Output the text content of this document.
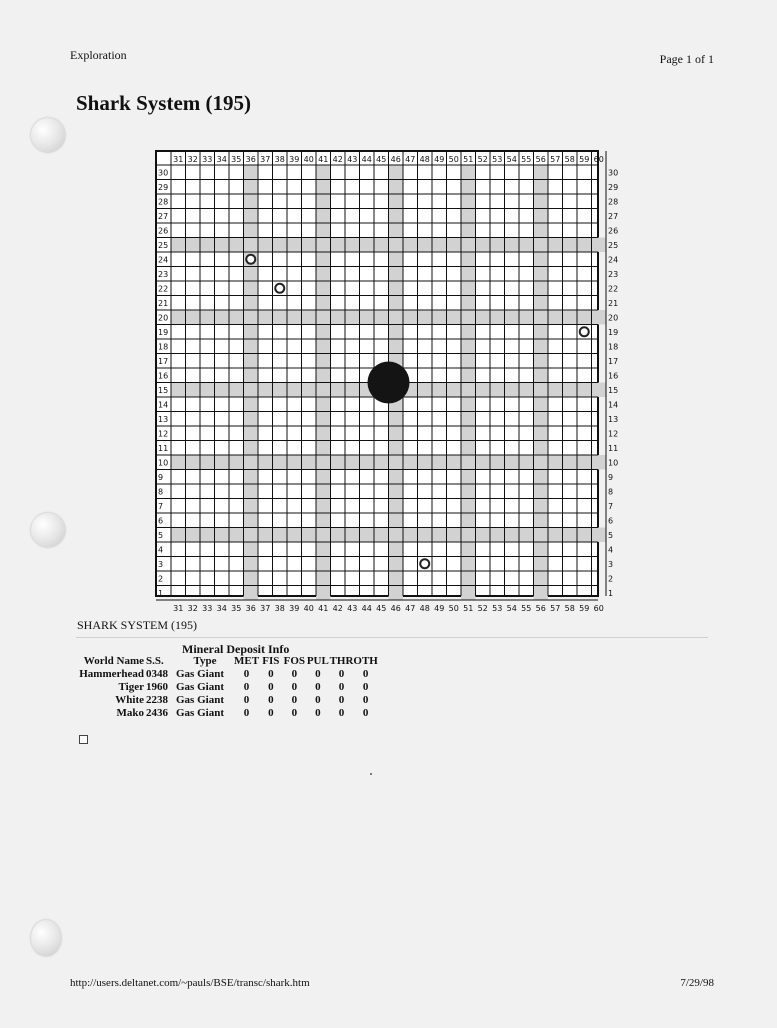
Exploration	Page 1 of 1
Shark System (195)
31
31
32
32
33
33
34
34
35
35
36
36
37
37
38
38
39
39
40
40
41
41
42
42
43
43
44
44
45
45
46
46
47
47
48
48
49
49
50
50
51
51
52
52
53
53
54
54
55
55
56
56
57
57
58
58
59
59
60
60
30	30
29	29
28	28
27	27
26	26
25	25
24	24
23	23
22	22
21	21
20	20
19	19
18	18
17	17
16	16
15	15
14	14
13	13
12	12
11	11
10	10
9	9
8	8
7	7
6	6
5	5
4	4
3	3
2	2
1	1
SHARK SYSTEM (195)
Mineral Deposit Info
World Name	S.S.	Type	MET	FIS	FOS	PUL	THR	OTH
Hammerhead	0348	Gas Giant	0	0	0	0	0	0
Tiger	1960	Gas Giant	0	0	0	0	0	0
White	2238	Gas Giant	0	0	0	0	0	0
Mako	2436	Gas Giant	0	0	0	0	0	0
http://users.deltanet.com/~pauls/BSE/transc/shark.htm	7/29/98
